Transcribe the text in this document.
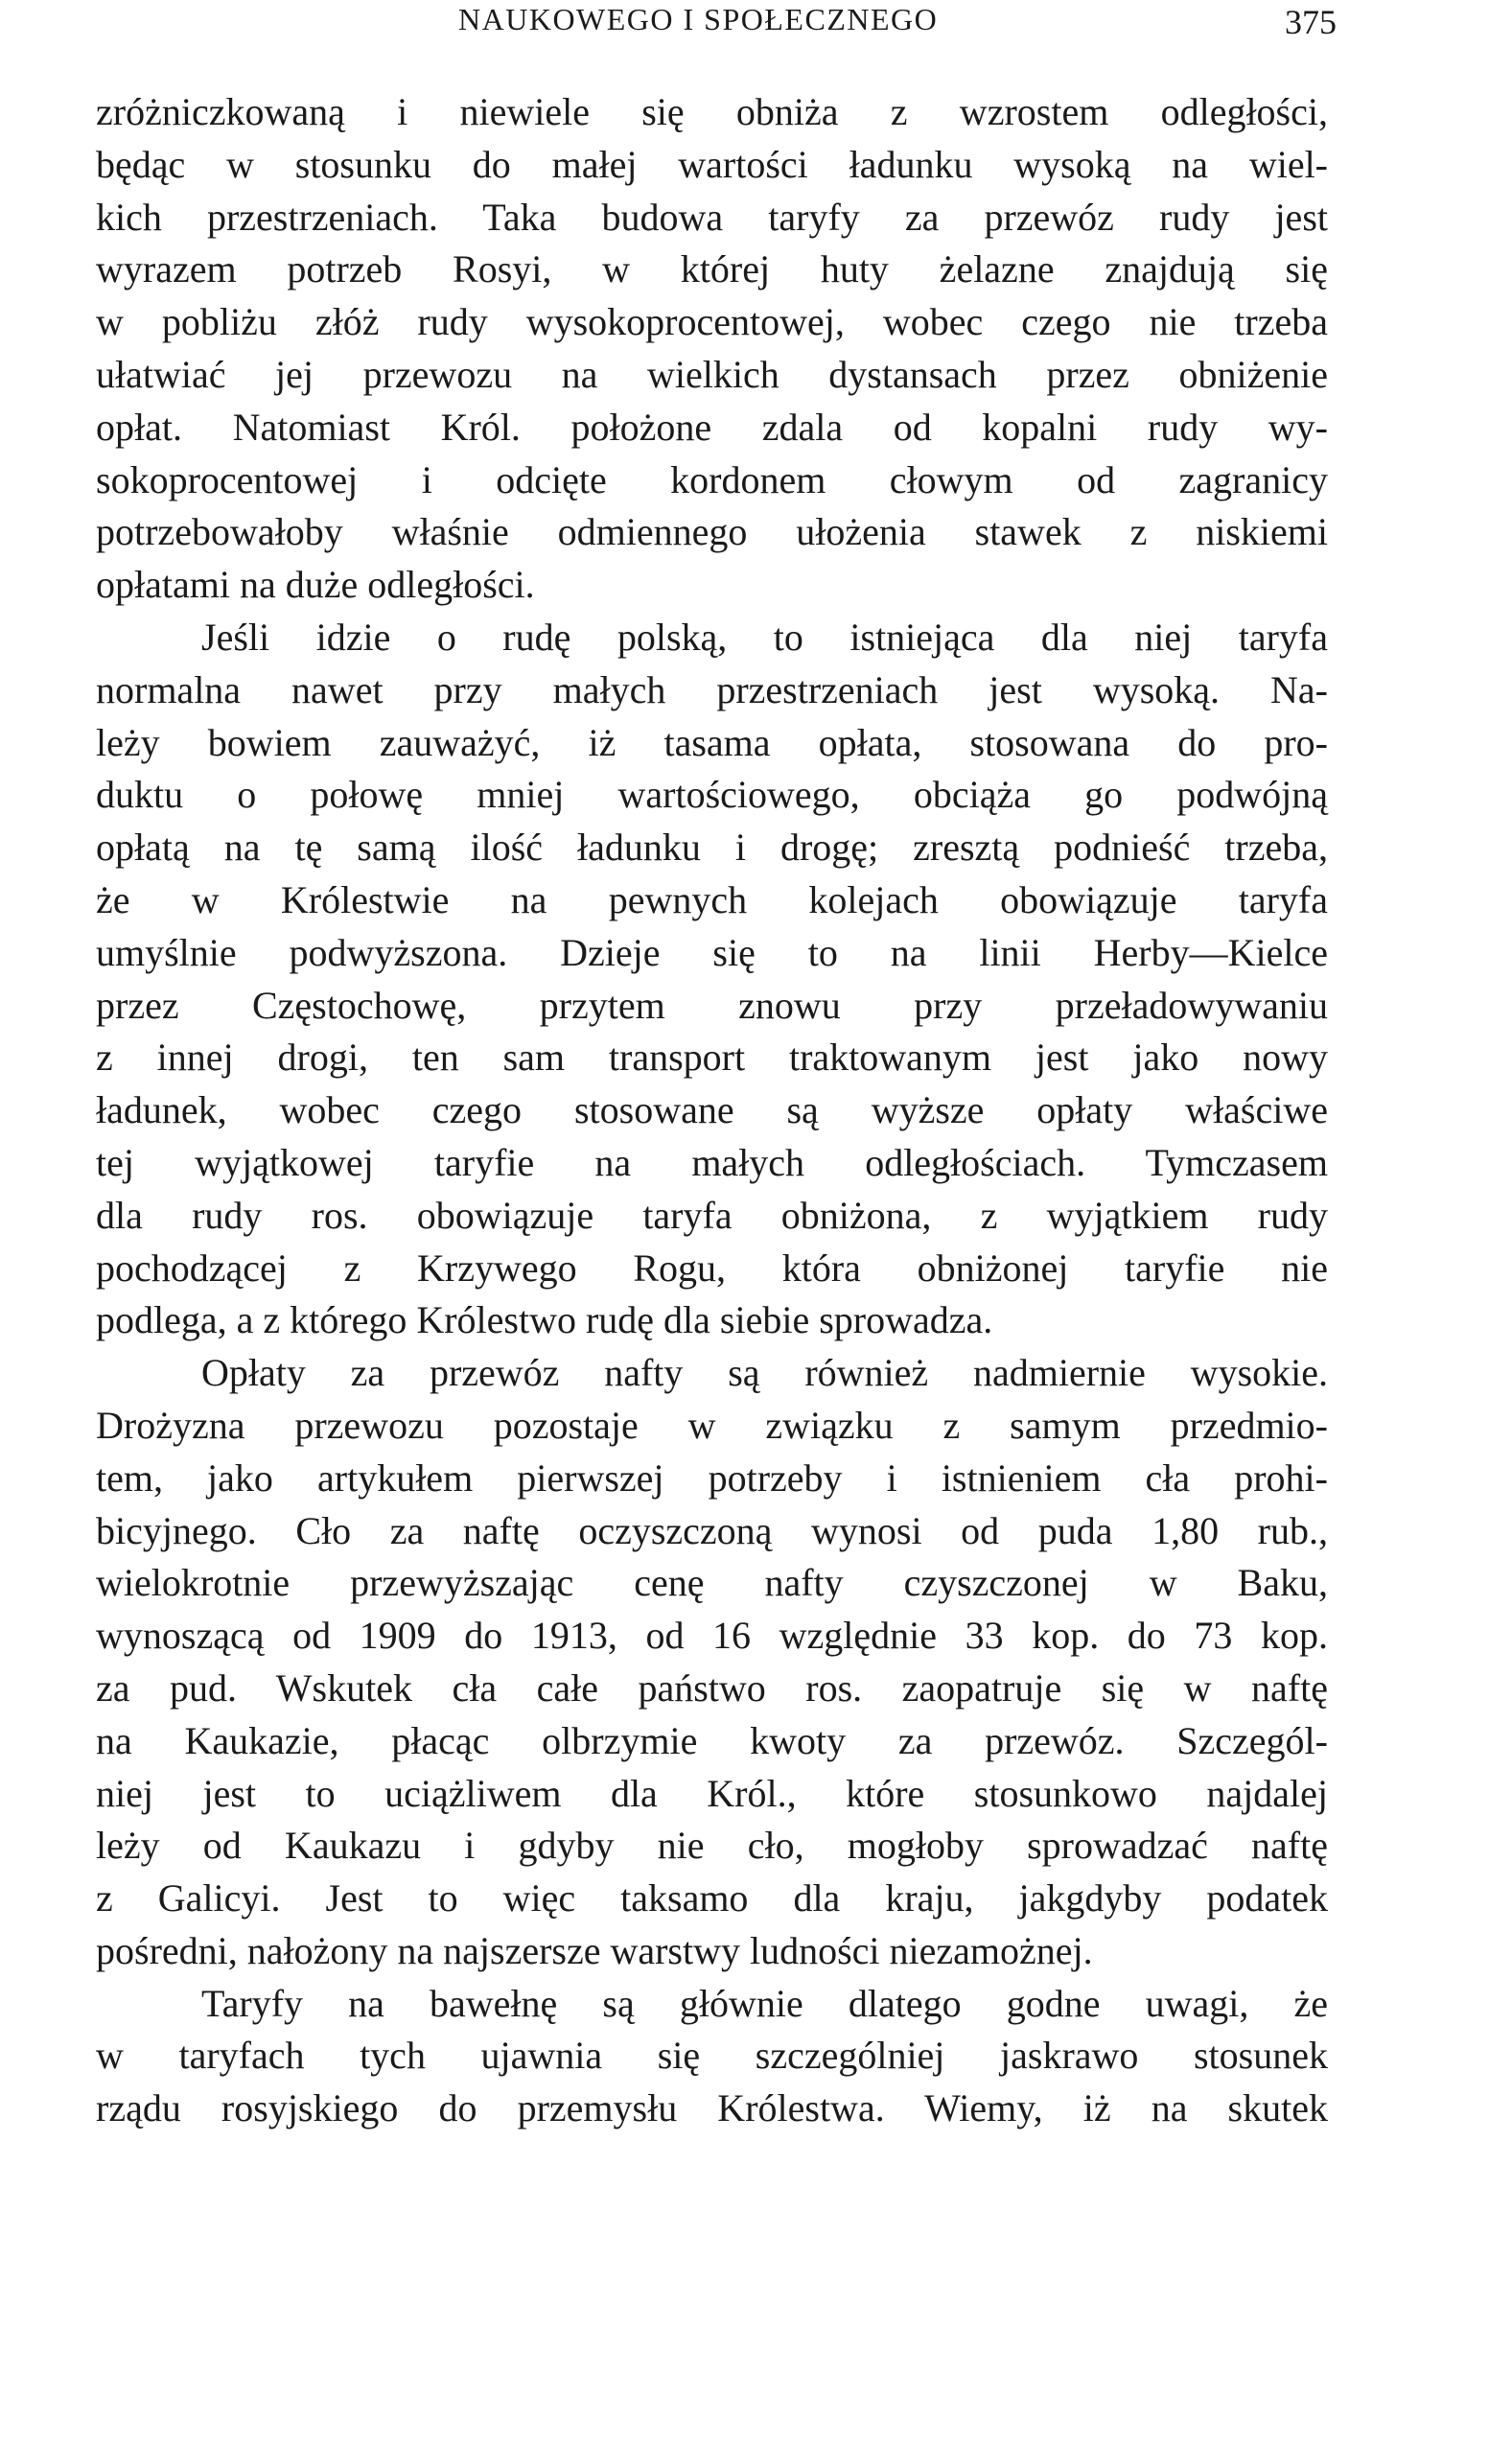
NAUKOWEGO I SPOŁECZNEGO	375
zróżniczkowaną i niewiele się obniża z wzrostem odległości,
będąc w stosunku do małej wartości ładunku wysoką na wiel-
kich przestrzeniach. Taka budowa taryfy za przewóz rudy jest
wyrazem potrzeb Rosyi, w której huty żelazne znajdują się
w pobliżu złóż rudy wysokoprocentowej, wobec czego nie trzeba
ułatwiać jej przewozu na wielkich dystansach przez obniżenie
opłat. Natomiast Król. położone zdala od kopalni rudy wy-
sokoprocentowej i odcięte kordonem cłowym od zagranicy
potrzebowałoby właśnie odmiennego ułożenia stawek z niskiemi
opłatami na duże odległości.
Jeśli idzie o rudę polską, to istniejąca dla niej taryfa
normalna nawet przy małych przestrzeniach jest wysoką. Na-
leży bowiem zauważyć, iż tasama opłata, stosowana do pro-
duktu o połowę mniej wartościowego, obciąża go podwójną
opłatą na tę samą ilość ładunku i drogę; zresztą podnieść trzeba,
że w Królestwie na pewnych kolejach obowiązuje taryfa
umyślnie podwyższona. Dzieje się to na linii Herby—Kielce
przez Częstochowę, przytem znowu przy przeładowywaniu
z innej drogi, ten sam transport traktowanym jest jako nowy
ładunek, wobec czego stosowane są wyższe opłaty właściwe
tej wyjątkowej taryfie na małych odległościach. Tymczasem
dla rudy ros. obowiązuje taryfa obniżona, z wyjątkiem rudy
pochodzącej z Krzywego Rogu, która obniżonej taryfie nie
podlega, a z którego Królestwo rudę dla siebie sprowadza.
Opłaty za przewóz nafty są również nadmiernie wysokie.
Drożyzna przewozu pozostaje w związku z samym przedmio-
tem, jako artykułem pierwszej potrzeby i istnieniem cła prohi-
bicyjnego. Cło za naftę oczyszczoną wynosi od puda 1,80 rub.,
wielokrotnie przewyższając cenę nafty czyszczonej w Baku,
wynoszącą od 1909 do 1913, od 16 względnie 33 kop. do 73 kop.
za pud. Wskutek cła całe państwo ros. zaopatruje się w naftę
na Kaukazie, płacąc olbrzymie kwoty za przewóz. Szczegól-
niej jest to uciążliwem dla Król., które stosunkowo najdalej
leży od Kaukazu i gdyby nie cło, mogłoby sprowadzać naftę
z Galicyi. Jest to więc taksamo dla kraju, jakgdyby podatek
pośredni, nałożony na najszersze warstwy ludności niezamożnej.
Taryfy na bawełnę są głównie dlatego godne uwagi, że
w taryfach tych ujawnia się szczególniej jaskrawo stosunek
rządu rosyjskiego do przemysłu Królestwa. Wiemy, iż na skutek
